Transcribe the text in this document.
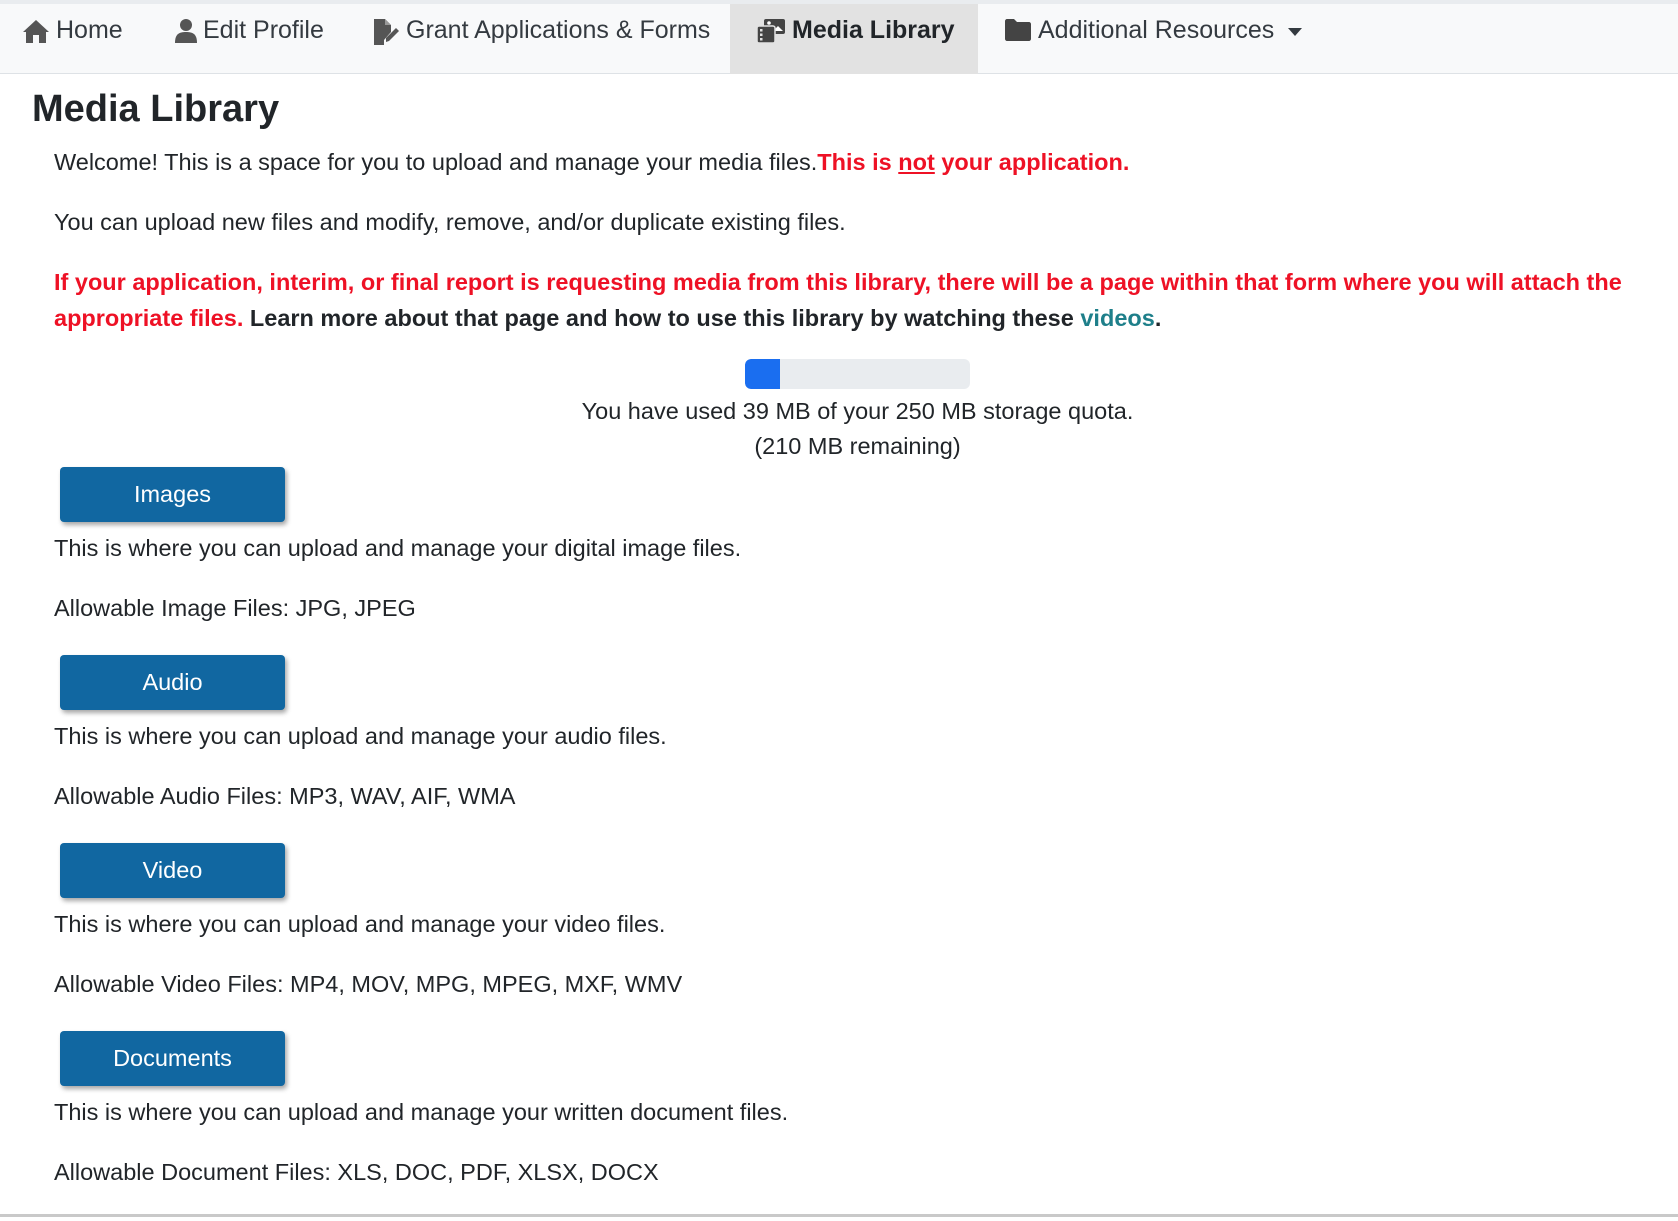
Home	Edit Profile	Grant Applications & Forms	Media Library	Additional Resources
Media Library
Welcome! This is a space for you to upload and manage your media files.This is not your application.
You can upload new files and modify, remove, and/or duplicate existing files.
If your application, interim, or final report is requesting media from this library, there will be a page within that form where you will attach the appropriate files. Learn more about that page and how to use this library by watching these videos.
You have used 39 MB of your 250 MB storage quota.
(210 MB remaining)
Images
This is where you can upload and manage your digital image files.
Allowable Image Files: JPG, JPEG
Audio
This is where you can upload and manage your audio files.
Allowable Audio Files: MP3, WAV, AIF, WMA
Video
This is where you can upload and manage your video files.
Allowable Video Files: MP4, MOV, MPG, MPEG, MXF, WMV
Documents
This is where you can upload and manage your written document files.
Allowable Document Files: XLS, DOC, PDF, XLSX, DOCX
